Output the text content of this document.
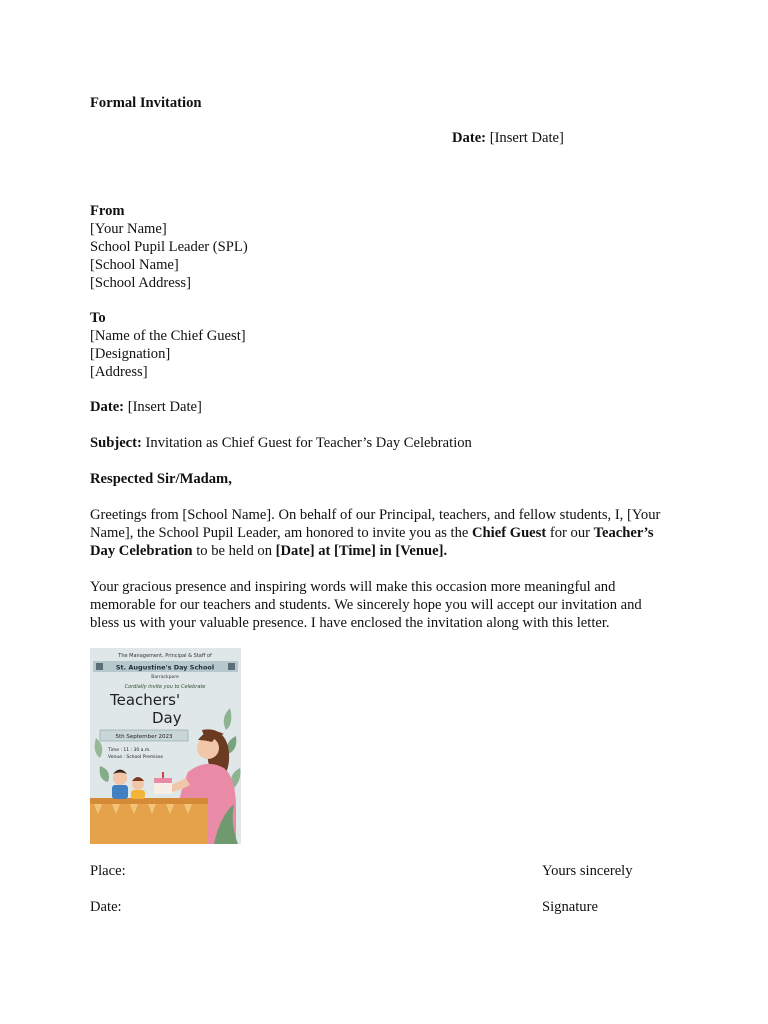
Formal Invitation
Date: [Insert Date]
From
[Your Name]
School Pupil Leader (SPL)
[School Name]
[School Address]
To
[Name of the Chief Guest]
[Designation]
[Address]
Date: [Insert Date]
Subject: Invitation as Chief Guest for Teacher’s Day Celebration
Respected Sir/Madam,
Greetings from [School Name]. On behalf of our Principal, teachers, and fellow students, I, [Your Name], the School Pupil Leader, am honored to invite you as the Chief Guest for our Teacher’s Day Celebration to be held on [Date] at [Time] in [Venue].
Your gracious presence and inspiring words will make this occasion more meaningful and memorable for our teachers and students. We sincerely hope you will accept our invitation and bless us with your valuable presence. I have enclosed the invitation along with this letter.
The Management, Principal & Staff of
St. Augustine's Day School
Barrackpore
Cordially invite you to Celebrate
Teachers'
Day
5th September 2023
Time : 11 : 30 a.m.
Venue : School Premises
Place:	Yours sincerely
Date:	Signature
